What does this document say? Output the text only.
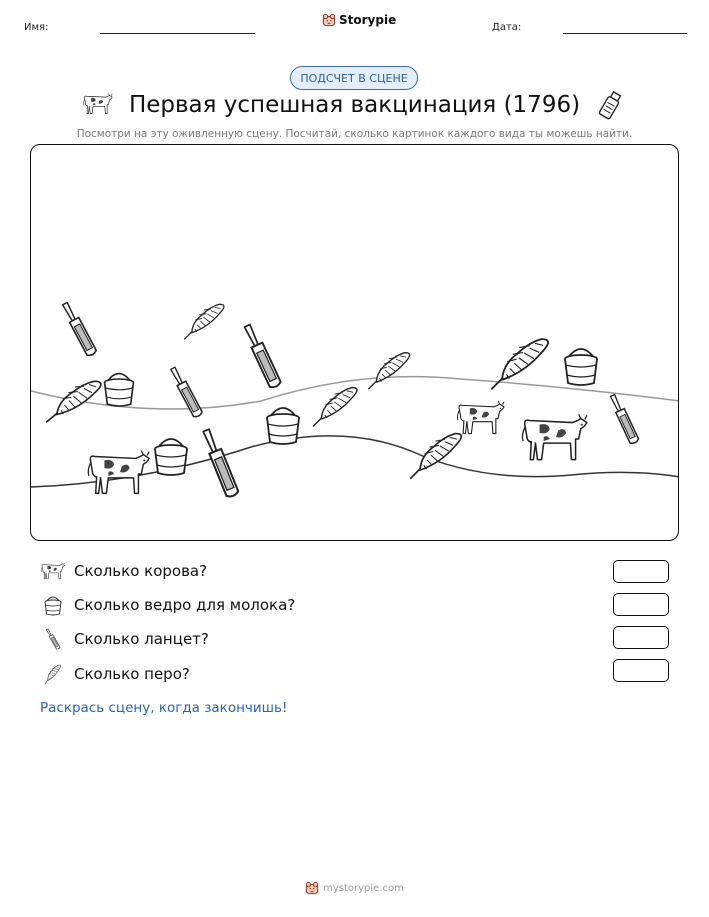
Имя:
Storypie
Дата:
ПОДСЧЕТ В СЦЕНЕ
Первая успешная вакцинация (1796)
Посмотри на эту оживленную сцену. Посчитай, сколько картинок каждого вида ты можешь найти.
Сколько корова?
Сколько ведро для молока?
Сколько ланцет?
Сколько перо?
Раскрась сцену, когда закончишь!
mystorypie.com
